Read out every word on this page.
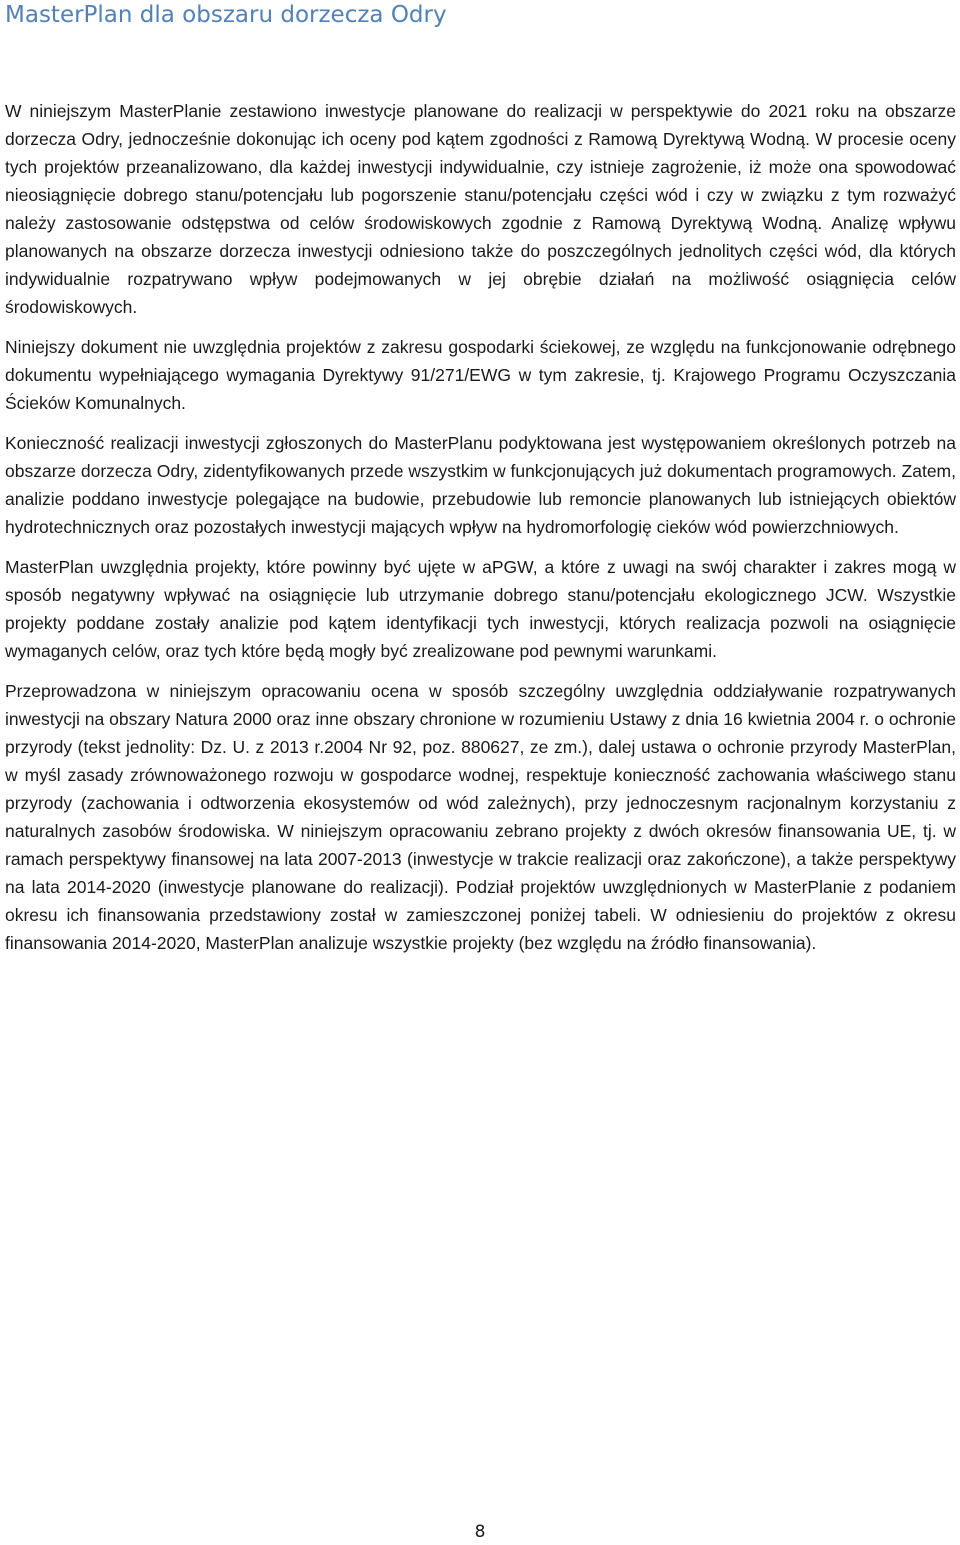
MasterPlan dla obszaru dorzecza Odry

W niniejszym MasterPlanie zestawiono inwestycje planowane do realizacji w perspektywie do 2021 roku na obszarze dorzecza Odry, jednocześnie dokonując ich oceny pod kątem zgodności z Ramową Dyrektywą Wodną. W procesie oceny tych projektów przeanalizowano, dla każdej inwestycji indywidualnie, czy istnieje zagrożenie, iż może ona spowodować nieosiągnięcie dobrego stanu/potencjału lub pogorszenie stanu/potencjału części wód i czy w związku z tym rozważyć należy zastosowanie odstępstwa od celów środowiskowych zgodnie z Ramową Dyrektywą Wodną. Analizę wpływu planowanych na obszarze dorzecza inwestycji odniesiono także do poszczególnych jednolitych części wód, dla których indywidualnie rozpatrywano wpływ podejmowanych w jej obrębie działań na możliwość osiągnięcia celów środowiskowych.

Niniejszy dokument nie uwzględnia projektów z zakresu gospodarki ściekowej, ze względu na funkcjonowanie odrębnego dokumentu wypełniającego wymagania Dyrektywy 91/271/EWG w tym zakresie, tj. Krajowego Programu Oczyszczania Ścieków Komunalnych.

Konieczność realizacji inwestycji zgłoszonych do MasterPlanu podyktowana jest występowaniem określonych potrzeb na obszarze dorzecza Odry, zidentyfikowanych przede wszystkim w funkcjonujących już dokumentach programowych. Zatem, analizie poddano inwestycje polegające na budowie, przebudowie lub remoncie planowanych lub istniejących obiektów hydrotechnicznych oraz pozostałych inwestycji mających wpływ na hydromorfologię cieków wód powierzchniowych.

MasterPlan uwzględnia projekty, które powinny być ujęte w aPGW, a które z uwagi na swój charakter i zakres mogą w sposób negatywny wpływać na osiągnięcie lub utrzymanie dobrego stanu/potencjału ekologicznego JCW. Wszystkie projekty poddane zostały analizie pod kątem identyfikacji tych inwestycji, których realizacja pozwoli na osiągnięcie wymaganych celów, oraz tych które będą mogły być zrealizowane pod pewnymi warunkami.

Przeprowadzona w niniejszym opracowaniu ocena w sposób szczególny uwzględnia oddziaływanie rozpatrywanych inwestycji na obszary Natura 2000 oraz inne obszary chronione w rozumieniu Ustawy z dnia 16 kwietnia 2004 r. o ochronie przyrody (tekst jednolity: Dz. U. z 2013 r.2004 Nr 92, poz. 880627, ze zm.), dalej ustawa o ochronie przyrody MasterPlan, w myśl zasady zrównoważonego rozwoju w gospodarce wodnej, respektuje konieczność zachowania właściwego stanu przyrody (zachowania i odtworzenia ekosystemów od wód zależnych), przy jednoczesnym racjonalnym korzystaniu z naturalnych zasobów środowiska. W niniejszym opracowaniu zebrano projekty z dwóch okresów finansowania UE, tj. w ramach perspektywy finansowej na lata 2007-2013 (inwestycje w trakcie realizacji oraz zakończone), a także perspektywy na lata 2014-2020 (inwestycje planowane do realizacji). Podział projektów uwzględnionych w MasterPlanie z podaniem okresu ich finansowania przedstawiony został w zamieszczonej poniżej tabeli. W odniesieniu do projektów z okresu finansowania 2014-2020, MasterPlan analizuje wszystkie projekty (bez względu na źródło finansowania).

8
